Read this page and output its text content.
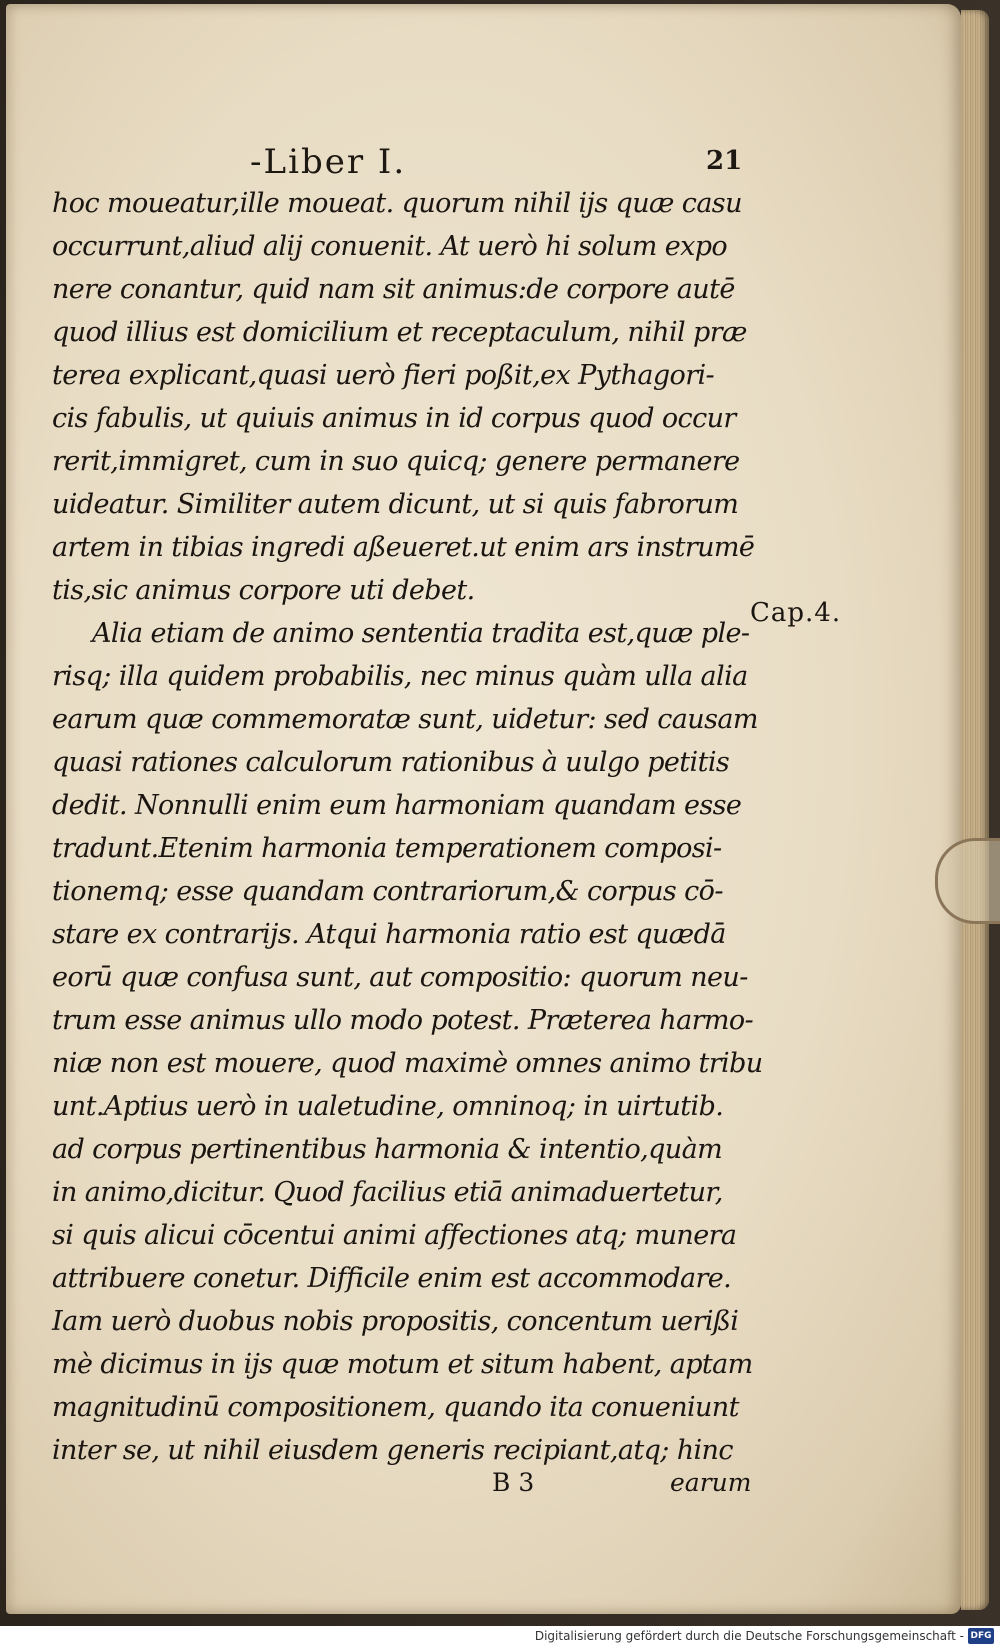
-Liber I.	21
hoc moueatur,ille moueat. quorum nihil ijs quæ casu
occurrunt,aliud alij conuenit. At uerò hi solum expo
nere conantur, quid nam sit animus:de corpore autē
quod illius est domicilium et receptaculum, nihil præ
terea explicant,quasi uerò fieri poßit,ex Pythagori-
cis fabulis, ut quiuis animus in id corpus quod occur
rerit,immigret, cum in suo quicq; genere permanere
uideatur. Similiter autem dicunt, ut si quis fabrorum
artem in tibias ingredi aßeueret.ut enim ars instrumē
tis,sic animus corpore uti debet.
Alia etiam de animo sententia tradita est,quæ ple-
risq; illa quidem probabilis, nec minus quàm ulla alia
earum quæ commemoratæ sunt, uidetur: sed causam
quasi rationes calculorum rationibus à uulgo petitis
dedit. Nonnulli enim eum harmoniam quandam esse
tradunt.Etenim harmonia temperationem composi-
tionemq; esse quandam contrariorum,& corpus cō-
stare ex contrarijs. Atqui harmonia ratio est quædā
eorū quæ confusa sunt, aut compositio: quorum neu-
trum esse animus ullo modo potest. Præterea harmo-
niæ non est mouere, quod maximè omnes animo tribu
unt.Aptius uerò in ualetudine, omninoq; in uirtutib.
ad corpus pertinentibus harmonia & intentio,quàm
in animo,dicitur. Quod facilius etiā animaduertetur,
si quis alicui cōcentui animi affectiones atq; munera
attribuere conetur. Difficile enim est accommodare.
Iam uerò duobus nobis propositis, concentum uerißi
mè dicimus in ijs quæ motum et situm habent, aptam
magnitudinū compositionem, quando ita conueniunt
inter se, ut nihil eiusdem generis recipiant,atq; hinc
Cap.4.
B 3	earum
Digitalisierung gefördert durch die Deutsche Forschungsgemeinschaft - DFG
